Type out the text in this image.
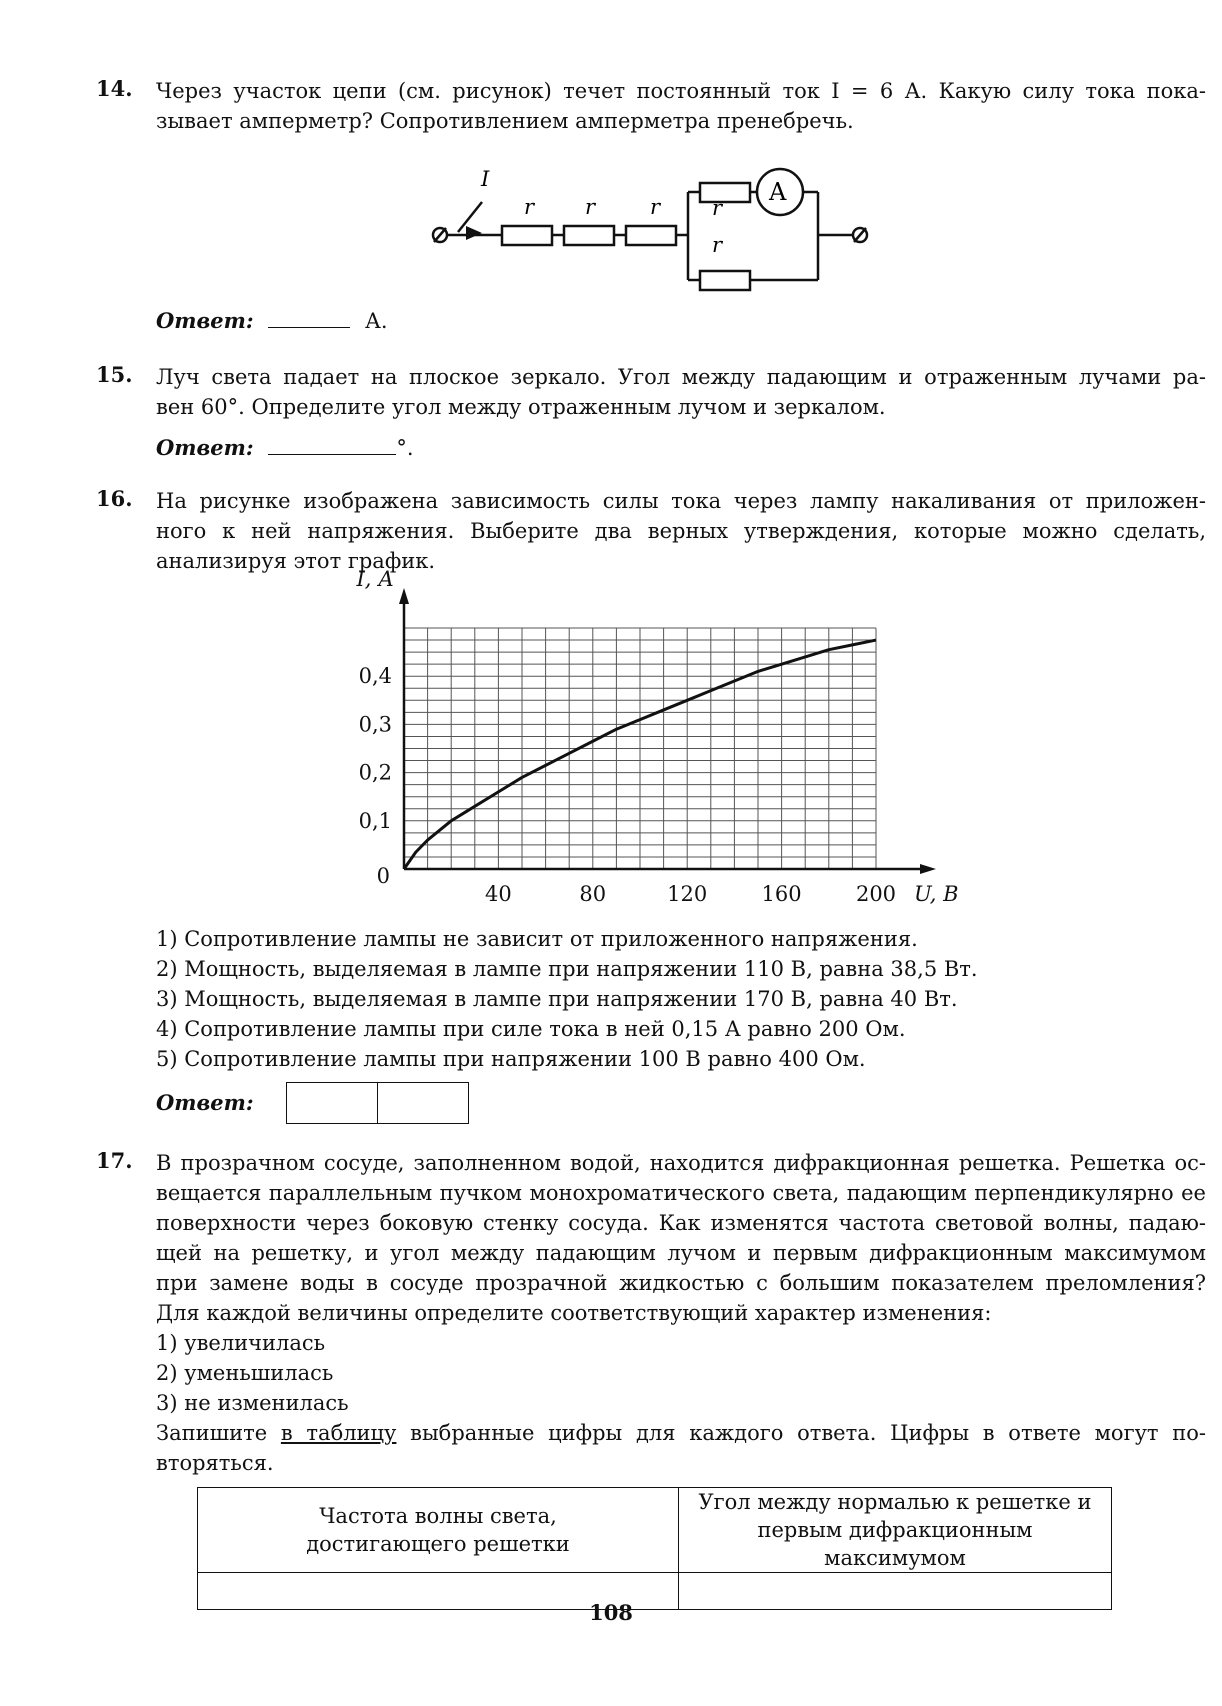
14. Через участок цепи (см. рисунок) течет постоянный ток I = 6 А. Какую силу тока пока-
зывает амперметр? Сопротивлением амперметра пренебречь.
I
r r	r r
r
A
Ответ:	А.
15. Луч света падает на плоское зеркало. Угол между падающим и отраженным лучами ра-
вен 60°. Определите угол между отраженным лучом и зеркалом.
Ответ:	°.
16. На рисунке изображена зависимость силы тока через лампу накаливания от приложен-
ного к ней напряжения. Выберите два верных утверждения, которые можно сделать,
анализируя этот график.
40	80	120	160	200
0,1
0,2
0,3
0,4
0
U, В
I, А
1) Сопротивление лампы не зависит от приложенного напряжения.
2) Мощность, выделяемая в лампе при напряжении 110 В, равна 38,5 Вт.
3) Мощность, выделяемая в лампе при напряжении 170 В, равна 40 Вт.
4) Сопротивление лампы при силе тока в ней 0,15 А равно 200 Ом.
5) Сопротивление лампы при напряжении 100 В равно 400 Ом.
Ответ:

17. В прозрачном сосуде, заполненном водой, находится дифракционная решетка. Решетка ос-
вещается параллельным пучком монохроматического света, падающим перпендикулярно ее
поверхности через боковую стенку сосуда. Как изменятся частота световой волны, падаю-
щей на решетку, и угол между падающим лучом и первым дифракционным максимумом
при замене воды в сосуде прозрачной жидкостью с большим показателем преломления?
Для каждой величины определите соответствующий характер изменения:
1) увеличилась
2) уменьшилась
3) не изменилась
Запишите в таблицу выбранные цифры для каждого ответа. Цифры в ответе могут по-
вторяться.
Частота волны света, достигающего решетки	Угол между нормалью к решетке и первым дифракционным максимумом

108
